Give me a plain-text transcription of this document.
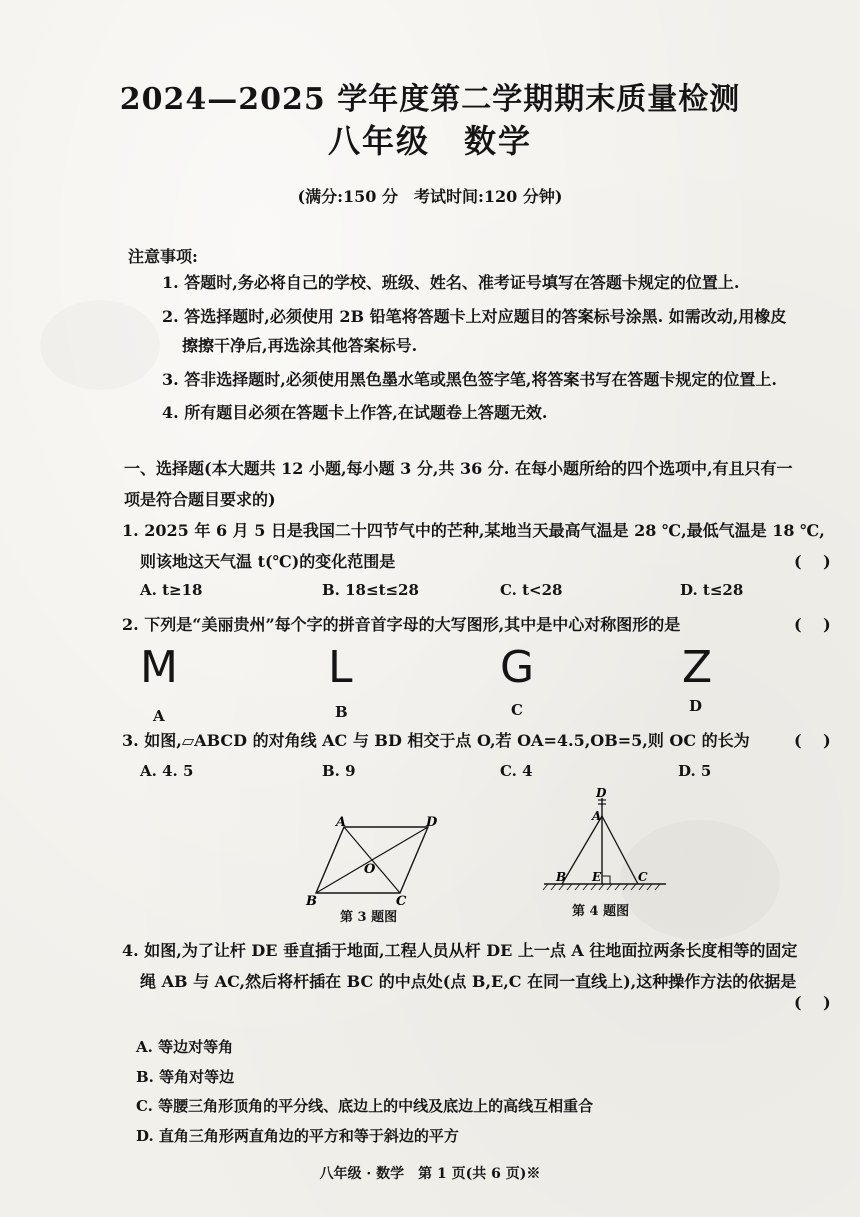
2024—2025 学年度第二学期期末质量检测
八年级　数学
(满分:150 分　考试时间:120 分钟)
注意事项:
1. 答题时,务必将自己的学校、班级、姓名、准考证号填写在答题卡规定的位置上.
2. 答选择题时,必须使用 2B 铅笔将答题卡上对应题目的答案标号涂黑. 如需改动,用橡皮
擦擦干净后,再选涂其他答案标号.
3. 答非选择题时,必须使用黑色墨水笔或黑色签字笔,将答案书写在答题卡规定的位置上.
4. 所有题目必须在答题卡上作答,在试题卷上答题无效.
一、选择题(本大题共 12 小题,每小题 3 分,共 36 分. 在每小题所给的四个选项中,有且只有一
项是符合题目要求的)
1. 2025 年 6 月 5 日是我国二十四节气中的芒种,某地当天最高气温是 28 ℃,最低气温是 18 ℃,
则该地这天气温 t(℃)的变化范围是	(　 )
A. t≥18	B. 18≤t≤28	C. t<28	D. t≤28
2. 下列是“美丽贵州”每个字的拼音首字母的大写图形,其中是中心对称图形的是	(　 )
M	L	G	Z
A	B	C	D
3. 如图,▱ABCD 的对角线 AC 与 BD 相交于点 O,若 OA=4.5,OB=5,则 OC 的长为	(　 )
A. 4. 5	B. 9	C. 4	D. 5
A	D
O
B	C
第 3 题图
D
A
B E	C
第 4 题图
4. 如图,为了让杆 DE 垂直插于地面,工程人员从杆 DE 上一点 A 往地面拉两条长度相等的固定
绳 AB 与 AC,然后将杆插在 BC 的中点处(点 B,E,C 在同一直线上),这种操作方法的依据是
(　 )
A. 等边对等角
B. 等角对等边
C. 等腰三角形顶角的平分线、底边上的中线及底边上的高线互相重合
D. 直角三角形两直角边的平方和等于斜边的平方
八年级 · 数学　第 1 页(共 6 页)※
